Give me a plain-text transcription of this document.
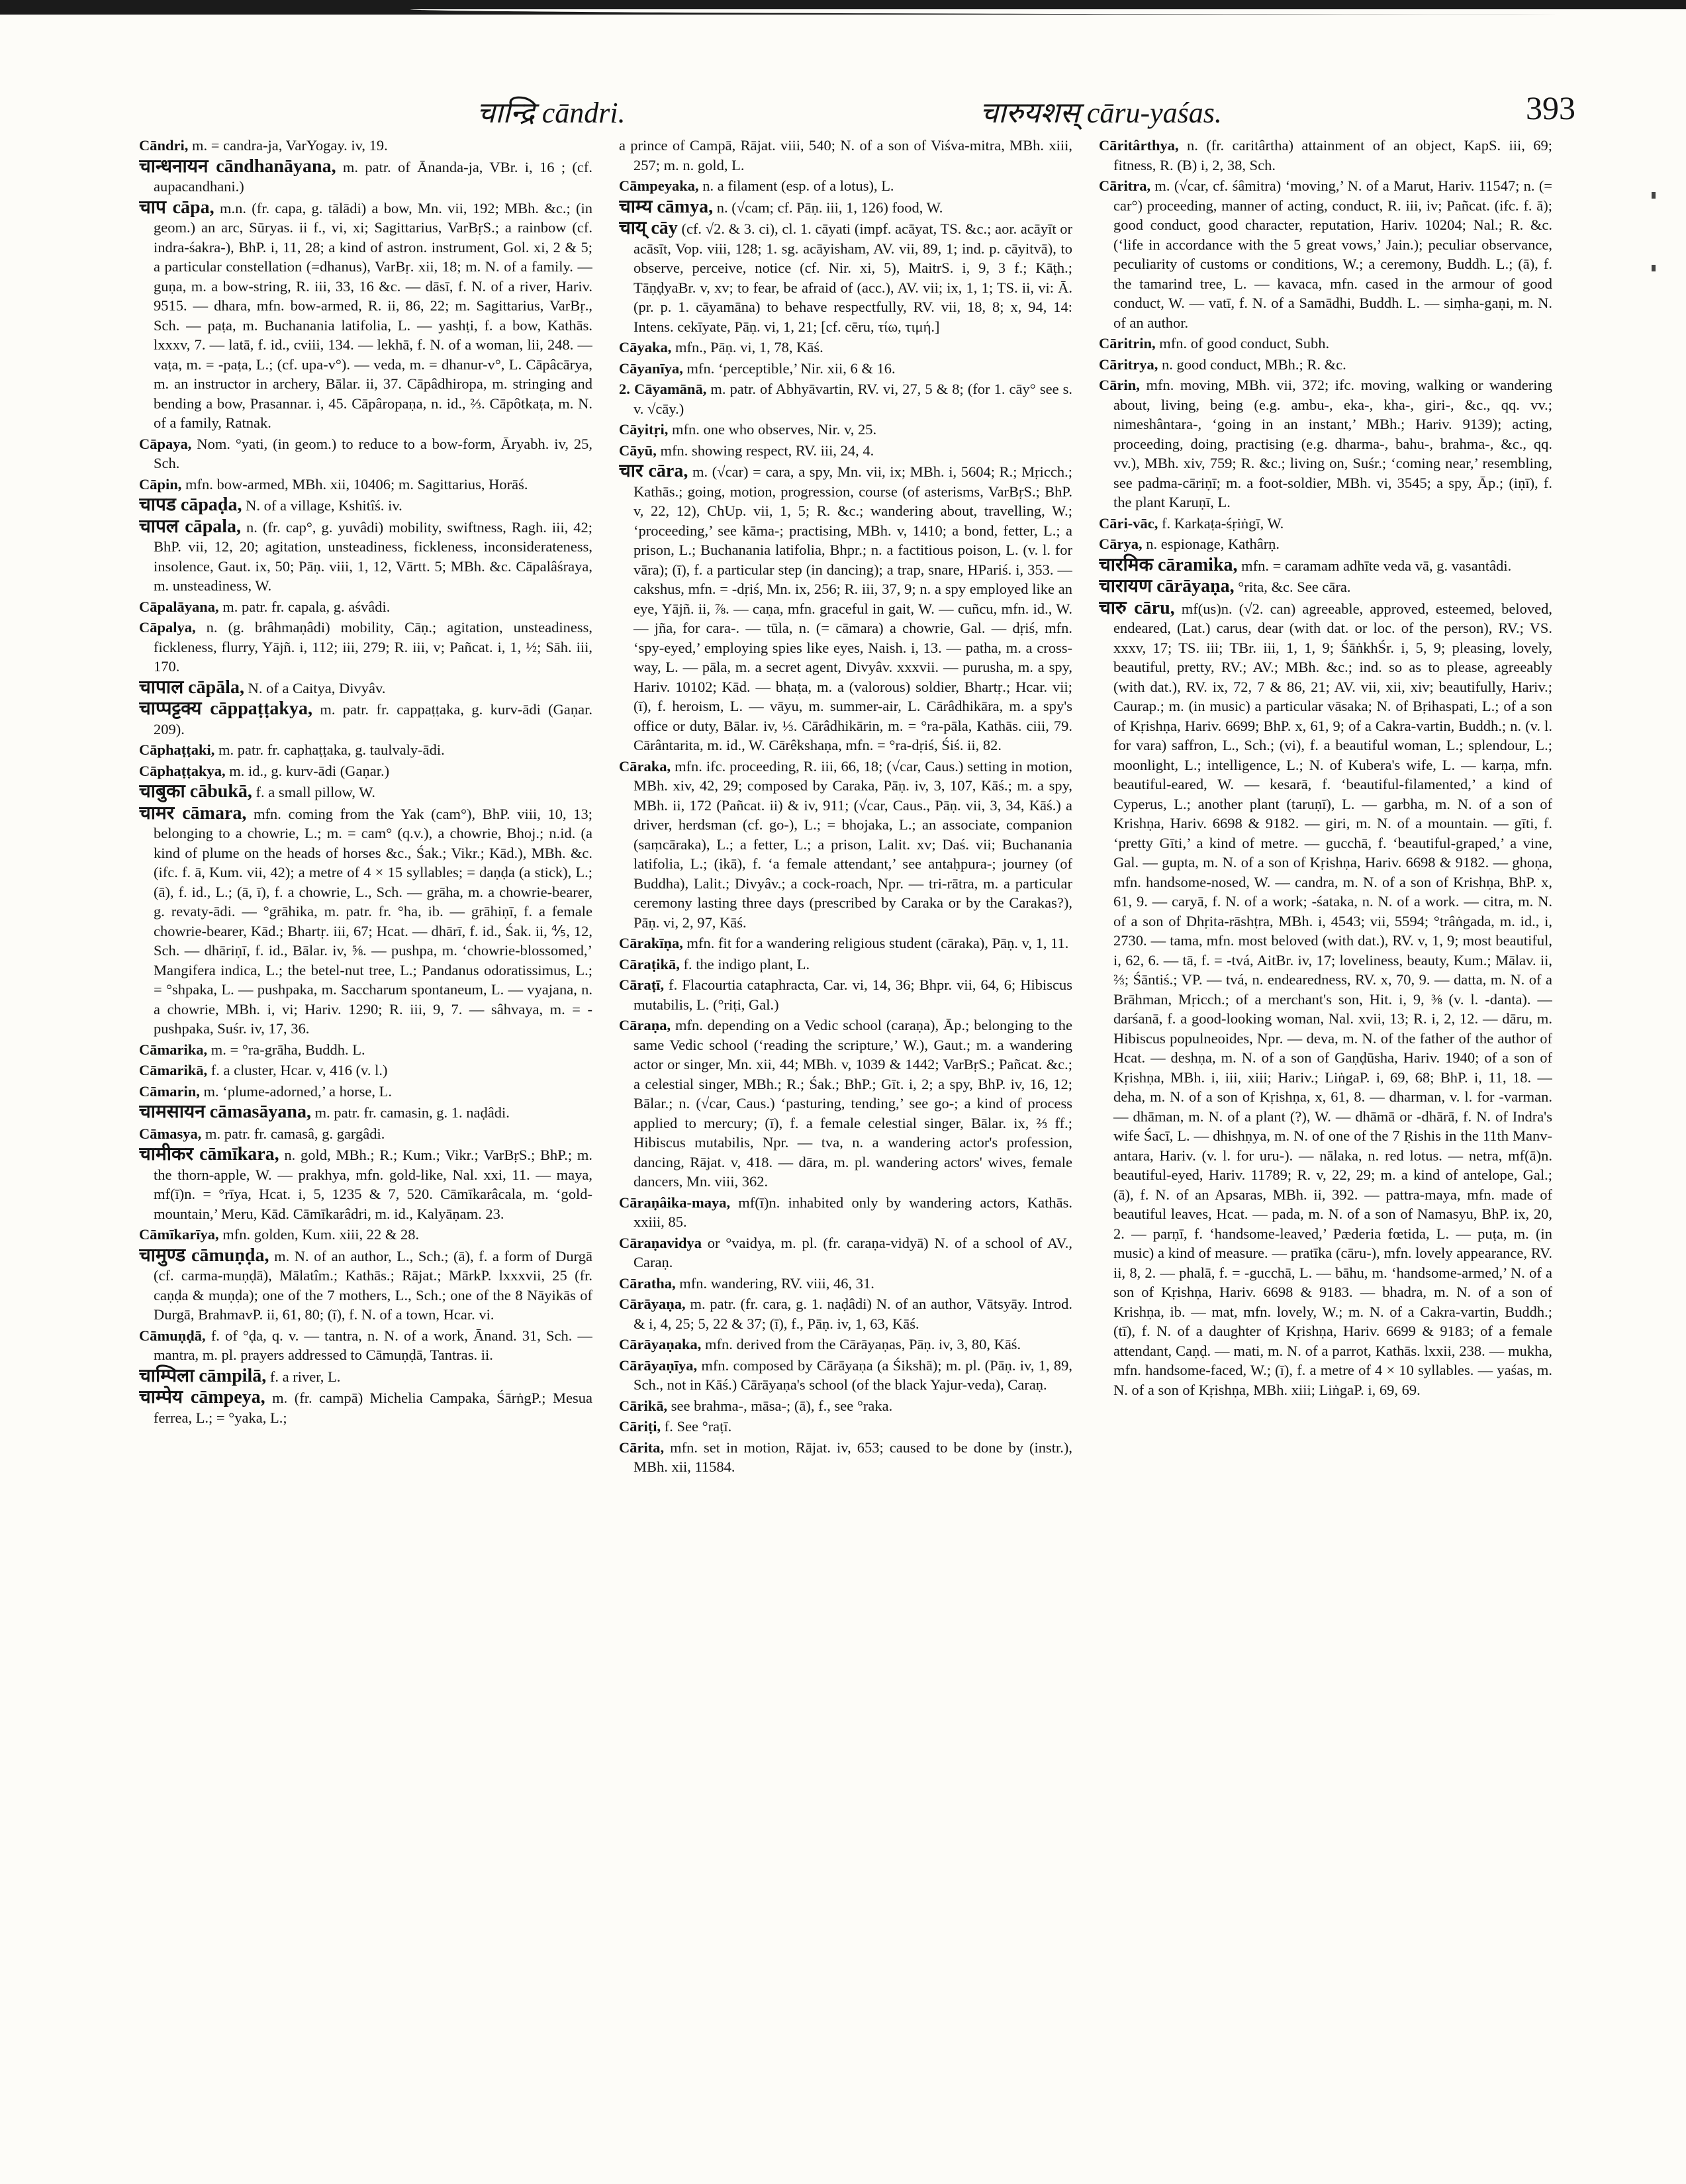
चान्द्रि cāndri.	चारुयशस् cāru-yaśas.	393

Cāndri, m. = candra-ja, VarYogay. iv, 19.

चान्धनायन cāndhanāyana, m. patr. of Ānanda-ja, VBr. i, 16 ; (cf. aupacandhani.)

चाप cāpa, m.n. (fr. capa, g. tālādi) a bow, Mn. vii, 192; MBh. &c.; (in geom.) an arc, Sūryas. ii f., vi, xi; Sagittarius, VarBṛS.; a rainbow (cf. indra-śakra-), BhP. i, 11, 28; a kind of astron. instrument, Gol. xi, 2 & 5; a particular constellation (=dhanus), VarBṛ. xii, 18; m. N. of a family. — guṇa, m. a bow-string, R. iii, 33, 16 &c. — dāsī, f. N. of a river, Hariv. 9515. — dhara, mfn. bow-armed, R. ii, 86, 22; m. Sagittarius, VarBṛ., Sch. — paṭa, m. Buchanania latifolia, L. — yashṭi, f. a bow, Kathās. lxxxv, 7. — latā, f. id., cviii, 134. — lekhā, f. N. of a woman, lii, 248. — vaṭa, m. = -paṭa, L.; (cf. upa-v°). — veda, m. = dhanur-v°, L. Cāpâcārya, m. an instructor in archery, Bālar. ii, 37. Cāpâdhiropa, m. stringing and bending a bow, Prasannar. i, 45. Cāpâropaṇa, n. id., ⅔. Cāpôtkaṭa, m. N. of a family, Ratnak.

Cāpaya, Nom. °yati, (in geom.) to reduce to a bow-form, Āryabh. iv, 25, Sch.

Cāpin, mfn. bow-armed, MBh. xii, 10406; m. Sagittarius, Horāś.

चापड cāpaḍa, N. of a village, Kshitîś. iv.

चापल cāpala, n. (fr. cap°, g. yuvâdi) mobility, swiftness, Ragh. iii, 42; BhP. vii, 12, 20; agitation, unsteadiness, fickleness, inconsiderateness, insolence, Gaut. ix, 50; Pāṇ. viii, 1, 12, Vārtt. 5; MBh. &c. Cāpalâśraya, m. unsteadiness, W.

Cāpalāyana, m. patr. fr. capala, g. aśvâdi.

Cāpalya, n. (g. brâhmaṇâdi) mobility, Cāṇ.; agitation, unsteadiness, fickleness, flurry, Yājñ. i, 112; iii, 279; R. iii, v; Pañcat. i, 1, ½; Sāh. iii, 170.

चापाल cāpāla, N. of a Caitya, Divyâv.

चाप्पट्टक्य cāppaṭṭakya, m. patr. fr. cappaṭṭaka, g. kurv-ādi (Gaṇar. 209).

Cāphaṭṭaki, m. patr. fr. caphaṭṭaka, g. taulvaly-ādi.

Cāphaṭṭakya, m. id., g. kurv-ādi (Gaṇar.)

चाबुका cābukā, f. a small pillow, W.

चामर cāmara, mfn. coming from the Yak (cam°), BhP. viii, 10, 13; belonging to a chowrie, L.; m. = cam° (q.v.), a chowrie, Bhoj.; n.id. (a kind of plume on the heads of horses &c., Śak.; Vikr.; Kād.), MBh. &c. (ifc. f. ā, Kum. vii, 42); a metre of 4 × 15 syllables; = daṇḍa (a stick), L.; (ā), f. id., L.; (ā, ī), f. a chowrie, L., Sch. — grāha, m. a chowrie-bearer, g. revaty-ādi. — °grāhika, m. patr. fr. °ha, ib. — grāhiṇī, f. a female chowrie-bearer, Kād.; Bhartṛ. iii, 67; Hcat. — dhārī, f. id., Śak. ii, ⅘, 12, Sch. — dhāriṇī, f. id., Bālar. iv, ⅝. — pushpa, m. ‘chowrie-blossomed,’ Mangifera indica, L.; the betel-nut tree, L.; Pandanus odoratissimus, L.; = °shpaka, L. — pushpaka, m. Saccharum spontaneum, L. — vyajana, n. a chowrie, MBh. i, vi; Hariv. 1290; R. iii, 9, 7. — sâhvaya, m. = -pushpaka, Suśr. iv, 17, 36.

Cāmarika, m. = °ra-grāha, Buddh. L.

Cāmarikā, f. a cluster, Hcar. v, 416 (v. l.)

Cāmarin, m. ‘plume-adorned,’ a horse, L.

चामसायन cāmasāyana, m. patr. fr. camasin, g. 1. naḍâdi.

Cāmasya, m. patr. fr. camasâ, g. gargâdi.

चामीकर cāmīkara, n. gold, MBh.; R.; Kum.; Vikr.; VarBṛS.; BhP.; m. the thorn-apple, W. — prakhya, mfn. gold-like, Nal. xxi, 11. — maya, mf(ī)n. = °rīya, Hcat. i, 5, 1235 & 7, 520. Cāmīkarâcala, m. ‘gold-mountain,’ Meru, Kād. Cāmīkarâdri, m. id., Kalyāṇam. 23.

Cāmīkarīya, mfn. golden, Kum. xiii, 22 & 28.

चामुण्ड cāmuṇḍa, m. N. of an author, L., Sch.; (ā), f. a form of Durgā (cf. carma-muṇḍā), Mālatîm.; Kathās.; Rājat.; MārkP. lxxxvii, 25 (fr. caṇḍa & muṇḍa); one of the 7 mothers, L., Sch.; one of the 8 Nāyikās of Durgā, BrahmavP. ii, 61, 80; (ī), f. N. of a town, Hcar. vi.

Cāmuṇḍā, f. of °ḍa, q. v. — tantra, n. N. of a work, Ānand. 31, Sch. — mantra, m. pl. prayers addressed to Cāmuṇḍā, Tantras. ii.

चाम्पिला cāmpilā, f. a river, L.

चाम्पेय cāmpeya, m. (fr. campā) Michelia Campaka, ŚārṅgP.; Mesua ferrea, L.; = °yaka, L.;

a prince of Campā, Rājat. viii, 540; N. of a son of Viśva-mitra, MBh. xiii, 257; m. n. gold, L.

Cāmpeyaka, n. a filament (esp. of a lotus), L.

चाम्य cāmya, n. (√cam; cf. Pāṇ. iii, 1, 126) food, W.

चाय् cāy (cf. √2. & 3. ci), cl. 1. cāyati (impf. acāyat, TS. &c.; aor. acāyīt or acāsīt, Vop. viii, 128; 1. sg. acāyisham, AV. vii, 89, 1; ind. p. cāyitvā), to observe, perceive, notice (cf. Nir. xi, 5), MaitrS. i, 9, 3 f.; Kāṭh.; TāṇḍyaBr. v, xv; to fear, be afraid of (acc.), AV. vii; ix, 1, 1; TS. ii, vi: Ā. (pr. p. 1. cāyamāna) to behave respectfully, RV. vii, 18, 8; x, 94, 14: Intens. cekīyate, Pāṇ. vi, 1, 21; [cf. cēru, τίω, τιμή.]

Cāyaka, mfn., Pāṇ. vi, 1, 78, Kāś.

Cāyanīya, mfn. ‘perceptible,’ Nir. xii, 6 & 16.

2. Cāyamānā, m. patr. of Abhyāvartin, RV. vi, 27, 5 & 8; (for 1. cāy° see s. v. √cāy.)

Cāyitṛi, mfn. one who observes, Nir. v, 25.

Cāyū, mfn. showing respect, RV. iii, 24, 4.

चार cāra, m. (√car) = cara, a spy, Mn. vii, ix; MBh. i, 5604; R.; Mṛicch.; Kathās.; going, motion, progression, course (of asterisms, VarBṛS.; BhP. v, 22, 12), ChUp. vii, 1, 5; R. &c.; wandering about, travelling, W.; ‘proceeding,’ see kāma-; practising, MBh. v, 1410; a bond, fetter, L.; a prison, L.; Buchanania latifolia, Bhpr.; n. a factitious poison, L. (v. l. for vāra); (ī), f. a particular step (in dancing); a trap, snare, HPariś. i, 353. — cakshus, mfn. = -dṛiś, Mn. ix, 256; R. iii, 37, 9; n. a spy employed like an eye, Yājñ. ii, ⅞. — caṇa, mfn. graceful in gait, W. — cuñcu, mfn. id., W. — jña, for cara-. — tūla, n. (= cāmara) a chowrie, Gal. — dṛiś, mfn. ‘spy-eyed,’ employing spies like eyes, Naish. i, 13. — patha, m. a cross-way, L. — pāla, m. a secret agent, Divyâv. xxxvii. — purusha, m. a spy, Hariv. 10102; Kād. — bhaṭa, m. a (valorous) soldier, Bhartṛ.; Hcar. vii; (ī), f. heroism, L. — vāyu, m. summer-air, L. Cārâdhikāra, m. a spy's office or duty, Bālar. iv, ⅓. Cārâdhikārin, m. = °ra-pāla, Kathās. ciii, 79. Cārântarita, m. id., W. Cārêkshaṇa, mfn. = °ra-dṛiś, Śiś. ii, 82.

Cāraka, mfn. ifc. proceeding, R. iii, 66, 18; (√car, Caus.) setting in motion, MBh. xiv, 42, 29; composed by Caraka, Pāṇ. iv, 3, 107, Kāś.; m. a spy, MBh. ii, 172 (Pañcat. ii) & iv, 911; (√car, Caus., Pāṇ. vii, 3, 34, Kāś.) a driver, herdsman (cf. go-), L.; = bhojaka, L.; an associate, companion (saṃcāraka), L.; a fetter, L.; a prison, Lalit. xv; Daś. vii; Buchanania latifolia, L.; (ikā), f. ‘a female attendant,’ see antaḥpura-; journey (of Buddha), Lalit.; Divyâv.; a cock-roach, Npr. — tri-rātra, m. a particular ceremony lasting three days (prescribed by Caraka or by the Carakas?), Pāṇ. vi, 2, 97, Kāś.

Cārakīṇa, mfn. fit for a wandering religious student (cāraka), Pāṇ. v, 1, 11.

Cāraṭikā, f. the indigo plant, L.

Cāraṭī, f. Flacourtia cataphracta, Car. vi, 14, 36; Bhpr. vii, 64, 6; Hibiscus mutabilis, L. (°riṭi, Gal.)

Cāraṇa, mfn. depending on a Vedic school (caraṇa), Āp.; belonging to the same Vedic school (‘reading the scripture,’ W.), Gaut.; m. a wandering actor or singer, Mn. xii, 44; MBh. v, 1039 & 1442; VarBṛS.; Pañcat. &c.; a celestial singer, MBh.; R.; Śak.; BhP.; Gīt. i, 2; a spy, BhP. iv, 16, 12; Bālar.; n. (√car, Caus.) ‘pasturing, tending,’ see go-; a kind of process applied to mercury; (ī), f. a female celestial singer, Bālar. ix, ⅔ ff.; Hibiscus mutabilis, Npr. — tva, n. a wandering actor's profession, dancing, Rājat. v, 418. — dāra, m. pl. wandering actors' wives, female dancers, Mn. viii, 362.

Cāraṇâika-maya, mf(ī)n. inhabited only by wandering actors, Kathās. xxiii, 85.

Cāraṇavidya or °vaidya, m. pl. (fr. caraṇa-vidyā) N. of a school of AV., Caraṇ.

Cāratha, mfn. wandering, RV. viii, 46, 31.

Cārāyaṇa, m. patr. (fr. cara, g. 1. naḍâdi) N. of an author, Vātsyāy. Introd. & i, 4, 25; 5, 22 & 37; (ī), f., Pāṇ. iv, 1, 63, Kāś.

Cārāyaṇaka, mfn. derived from the Cārāyaṇas, Pāṇ. iv, 3, 80, Kāś.

Cārāyaṇīya, mfn. composed by Cārāyaṇa (a Śikshā); m. pl. (Pāṇ. iv, 1, 89, Sch., not in Kāś.) Cārāyaṇa's school (of the black Yajur-veda), Caraṇ.

Cārikā, see brahma-, māsa-; (ā), f., see °raka.

Cāriṭi, f. See °raṭī.

Cārita, mfn. set in motion, Rājat. iv, 653; caused to be done by (instr.), MBh. xii, 11584.

Cāritârthya, n. (fr. caritârtha) attainment of an object, KapS. iii, 69; fitness, R. (B) i, 2, 38, Sch.

Cāritra, m. (√car, cf. śâmitra) ‘moving,’ N. of a Marut, Hariv. 11547; n. (= car°) proceeding, manner of acting, conduct, R. iii, iv; Pañcat. (ifc. f. ā); good conduct, good character, reputation, Hariv. 10204; Nal.; R. &c. (‘life in accordance with the 5 great vows,’ Jain.); peculiar observance, peculiarity of customs or conditions, W.; a ceremony, Buddh. L.; (ā), f. the tamarind tree, L. — kavaca, mfn. cased in the armour of good conduct, W. — vatī, f. N. of a Samādhi, Buddh. L. — siṃha-gaṇi, m. N. of an author.

Cāritrin, mfn. of good conduct, Subh.

Cāritrya, n. good conduct, MBh.; R. &c.

Cārin, mfn. moving, MBh. vii, 372; ifc. moving, walking or wandering about, living, being (e.g. ambu-, eka-, kha-, giri-, &c., qq. vv.; nimeshântara-, ‘going in an instant,’ MBh.; Hariv. 9139); acting, proceeding, doing, practising (e.g. dharma-, bahu-, brahma-, &c., qq. vv.), MBh. xiv, 759; R. &c.; living on, Suśr.; ‘coming near,’ resembling, see padma-cāriṇī; m. a foot-soldier, MBh. vi, 3545; a spy, Āp.; (iṇī), f. the plant Karuṇī, L.

Cāri-vāc, f. Karkaṭa-śṛiṅgī, W.

Cārya, n. espionage, Kathârṇ.

चारमिक cāramika, mfn. = caramam adhīte veda vā, g. vasantâdi.

चारायण cārāyaṇa, °rita, &c. See cāra.

चारु cāru, mf(us)n. (√2. can) agreeable, approved, esteemed, beloved, endeared, (Lat.) carus, dear (with dat. or loc. of the person), RV.; VS. xxxv, 17; TS. iii; TBr. iii, 1, 1, 9; ŚāṅkhŚr. i, 5, 9; pleasing, lovely, beautiful, pretty, RV.; AV.; MBh. &c.; ind. so as to please, agreeably (with dat.), RV. ix, 72, 7 & 86, 21; AV. vii, xii, xiv; beautifully, Hariv.; Caurap.; m. (in music) a particular vāsaka; N. of Bṛihaspati, L.; of a son of Kṛishṇa, Hariv. 6699; BhP. x, 61, 9; of a Cakra-vartin, Buddh.; n. (v. l. for vara) saffron, L., Sch.; (vi), f. a beautiful woman, L.; splendour, L.; moonlight, L.; intelligence, L.; N. of Kubera's wife, L. — karṇa, mfn. beautiful-eared, W. — kesarā, f. ‘beautiful-filamented,’ a kind of Cyperus, L.; another plant (taruṇī), L. — garbha, m. N. of a son of Krishṇa, Hariv. 6698 & 9182. — giri, m. N. of a mountain. — gīti, f. ‘pretty Gīti,’ a kind of metre. — gucchā, f. ‘beautiful-graped,’ a vine, Gal. — gupta, m. N. of a son of Kṛishṇa, Hariv. 6698 & 9182. — ghoṇa, mfn. handsome-nosed, W. — candra, m. N. of a son of Krishṇa, BhP. x, 61, 9. — caryā, f. N. of a work; -śataka, n. N. of a work. — citra, m. N. of a son of Dhṛita-rāshṭra, MBh. i, 4543; vii, 5594; °trâṅgada, m. id., i, 2730. — tama, mfn. most beloved (with dat.), RV. v, 1, 9; most beautiful, i, 62, 6. — tā, f. = -tvá, AitBr. iv, 17; loveliness, beauty, Kum.; Mālav. ii, ⅔; Śāntiś.; VP. — tvá, n. endearedness, RV. x, 70, 9. — datta, m. N. of a Brāhman, Mṛicch.; of a merchant's son, Hit. i, 9, ⅜ (v. l. -danta). — darśanā, f. a good-looking woman, Nal. xvii, 13; R. i, 2, 12. — dāru, m. Hibiscus populneoides, Npr. — deva, m. N. of the father of the author of Hcat. — deshṇa, m. N. of a son of Gaṇḍūsha, Hariv. 1940; of a son of Kṛishṇa, MBh. i, iii, xiii; Hariv.; LiṅgaP. i, 69, 68; BhP. i, 11, 18. — deha, m. N. of a son of Kṛishṇa, x, 61, 8. — dharman, v. l. for -varman. — dhāman, m. N. of a plant (?), W. — dhāmā or -dhārā, f. N. of Indra's wife Śacī, L. — dhishṇya, m. N. of one of the 7 Ṛishis in the 11th Manv-antara, Hariv. (v. l. for uru-). — nālaka, n. red lotus. — netra, mf(ā)n. beautiful-eyed, Hariv. 11789; R. v, 22, 29; m. a kind of antelope, Gal.; (ā), f. N. of an Apsaras, MBh. ii, 392. — pattra-maya, mfn. made of beautiful leaves, Hcat. — pada, m. N. of a son of Namasyu, BhP. ix, 20, 2. — parṇī, f. ‘handsome-leaved,’ Pæderia fœtida, L. — puṭa, m. (in music) a kind of measure. — pratīka (cāru-), mfn. lovely appearance, RV. ii, 8, 2. — phalā, f. = -gucchā, L. — bāhu, m. ‘handsome-armed,’ N. of a son of Kṛishṇa, Hariv. 6698 & 9183. — bhadra, m. N. of a son of Krishṇa, ib. — mat, mfn. lovely, W.; m. N. of a Cakra-vartin, Buddh.; (tī), f. N. of a daughter of Kṛishṇa, Hariv. 6699 & 9183; of a female attendant, Caṇḍ. — mati, m. N. of a parrot, Kathās. lxxii, 238. — mukha, mfn. handsome-faced, W.; (ī), f. a metre of 4 × 10 syllables. — yaśas, m. N. of a son of Kṛishṇa, MBh. xiii; LiṅgaP. i, 69, 69.
